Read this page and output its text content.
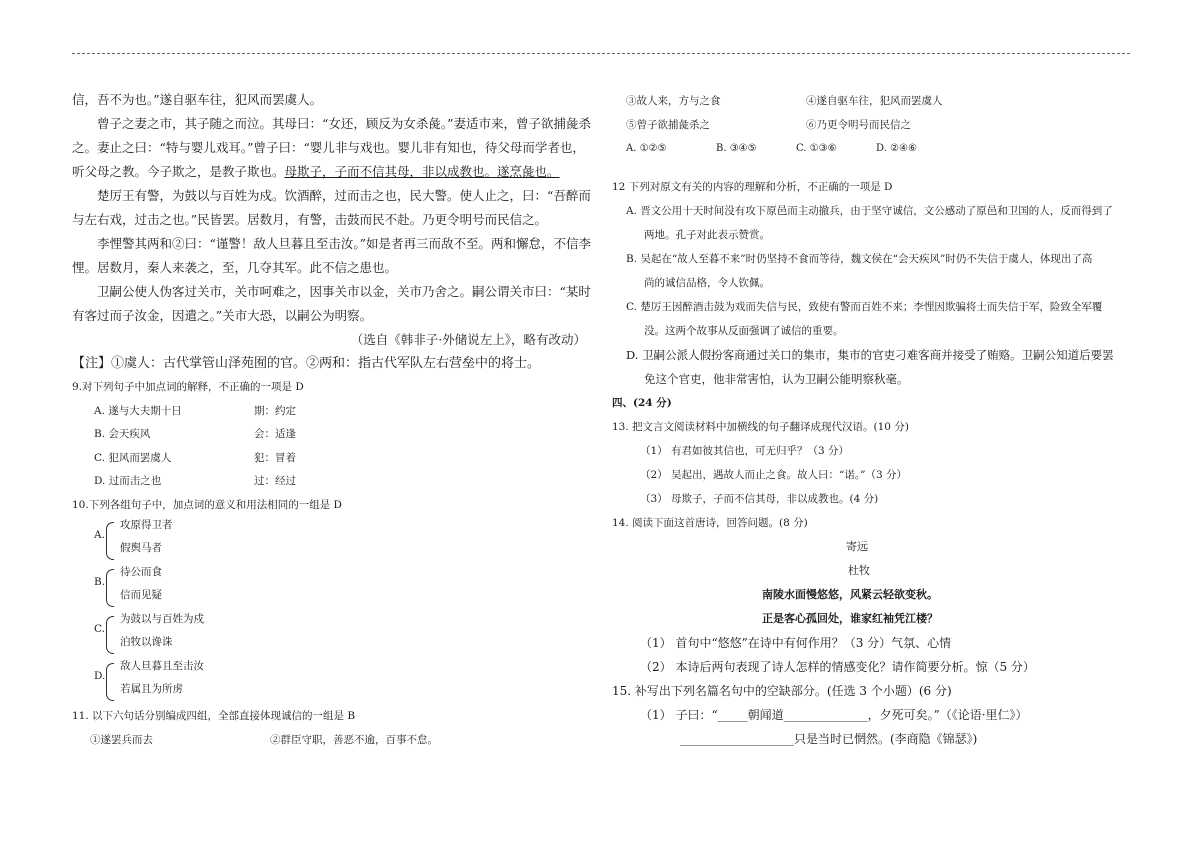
信，吾不为也。”遂自驱车往，犯风而罢虞人。
曾子之妻之市，其子随之而泣。其母曰：“女还，顾反为女杀彘。”妻适市来，曾子欲捕彘杀
之。妻止之曰：“特与婴儿戏耳。”曾子曰：“婴儿非与戏也。婴儿非有知也，待父母而学者也，
听父母之教。今子欺之，是教子欺也。母欺子，子而不信其母，非以成教也。遂烹彘也。
楚厉王有警，为鼓以与百姓为戍。饮酒醉，过而击之也，民大警。使人止之，曰：“吾醉而
与左右戏，过击之也。”民皆罢。居数月，有警，击鼓而民不赴。乃更令明号而民信之。
李悝警其两和②曰：“谨警！敌人旦暮且至击汝。”如是者再三而敌不至。两和懈怠，不信李
悝。居数月，秦人来袭之，至，几夺其军。此不信之患也。
卫嗣公使人伪客过关市，关市呵难之，因事关市以金，关市乃舍之。嗣公谓关市曰：“某时
有客过而子汝金，因遣之。”关市大恐，以嗣公为明察。
（选自《韩非子·外储说左上》，略有改动）
【注】①虞人：古代掌管山泽苑囿的官。②两和：指古代军队左右营垒中的将士。
9.对下列句子中加点词的解释，不正确的一项是 D
A. 遂与大夫期十日	期：约定
B. 会天疾风	会：适逢
C. 犯风而罢虞人	犯：冒着
D. 过而击之也	过：经过
10.下列各组句子中，加点词的意义和用法相同的一组是 D
A.
攻原得卫者
假舆马者
B.
待公而食
信而见疑
C.
为鼓以与百姓为戍
泊牧以谗诛
D.
敌人旦暮且至击汝
若属且为所虏
11. 以下六句话分别编成四组，全部直接体现诚信的一组是 B
①遂罢兵而去	②群臣守职，善恶不逾，百事不怠。
③故人来，方与之食	④遂自驱车往，犯风而罢虞人
⑤曾子欲捕彘杀之	⑥乃更令明号而民信之
A. ①②⑤	B. ③④⑤	C. ①③⑥	D. ②④⑥
12 下列对原文有关的内容的理解和分析，不正确的一项是 D
A. 晋文公用十天时间没有攻下原邑而主动撤兵，由于坚守诚信，文公感动了原邑和卫国的人，反而得到了
两地。孔子对此表示赞赏。
B. 吴起在“故人至暮不来”时仍坚持不食而等待，魏文侯在“会天疾风”时仍不失信于虞人，体现出了高
尚的诚信品格，令人钦佩。
C. 楚厉王因醉酒击鼓为戏而失信与民，致使有警而百姓不来；李悝因欺骗将士而失信于军，险致全军覆
没。这两个故事从反面强调了诚信的重要。
D. 卫嗣公派人假扮客商通过关口的集市，集市的官吏刁难客商并接受了贿赂。卫嗣公知道后要罢
免这个官吏，他非常害怕，认为卫嗣公能明察秋毫。
四、(24 分)
13. 把文言文阅读材料中加横线的句子翻译成现代汉语。(10 分)
（1） 有君如彼其信也，可无归乎？（3 分）
（2） 吴起出，遇故人而止之食。故人曰：“诺。”（3 分）
（3） 母欺子，子而不信其母，非以成教也。(4 分)
14. 阅读下面这首唐诗，回答问题。(8 分)
寄远
杜牧
南陵水面慢悠悠，风紧云轻欲变秋。
正是客心孤回处，谁家红袖凭江楼？
（1） 首句中“悠悠”在诗中有何作用？（3 分）气氛、心情
（2） 本诗后两句表现了诗人怎样的情感变化？请作简要分析。惊（5 分）
15. 补写出下列名篇名句中的空缺部分。(任选 3 个小题）(6 分)
（1） 子曰：“_____朝闻道______________，夕死可矣。”（《论语·里仁》）
___________________只是当时已惘然。(李商隐《锦瑟》)
